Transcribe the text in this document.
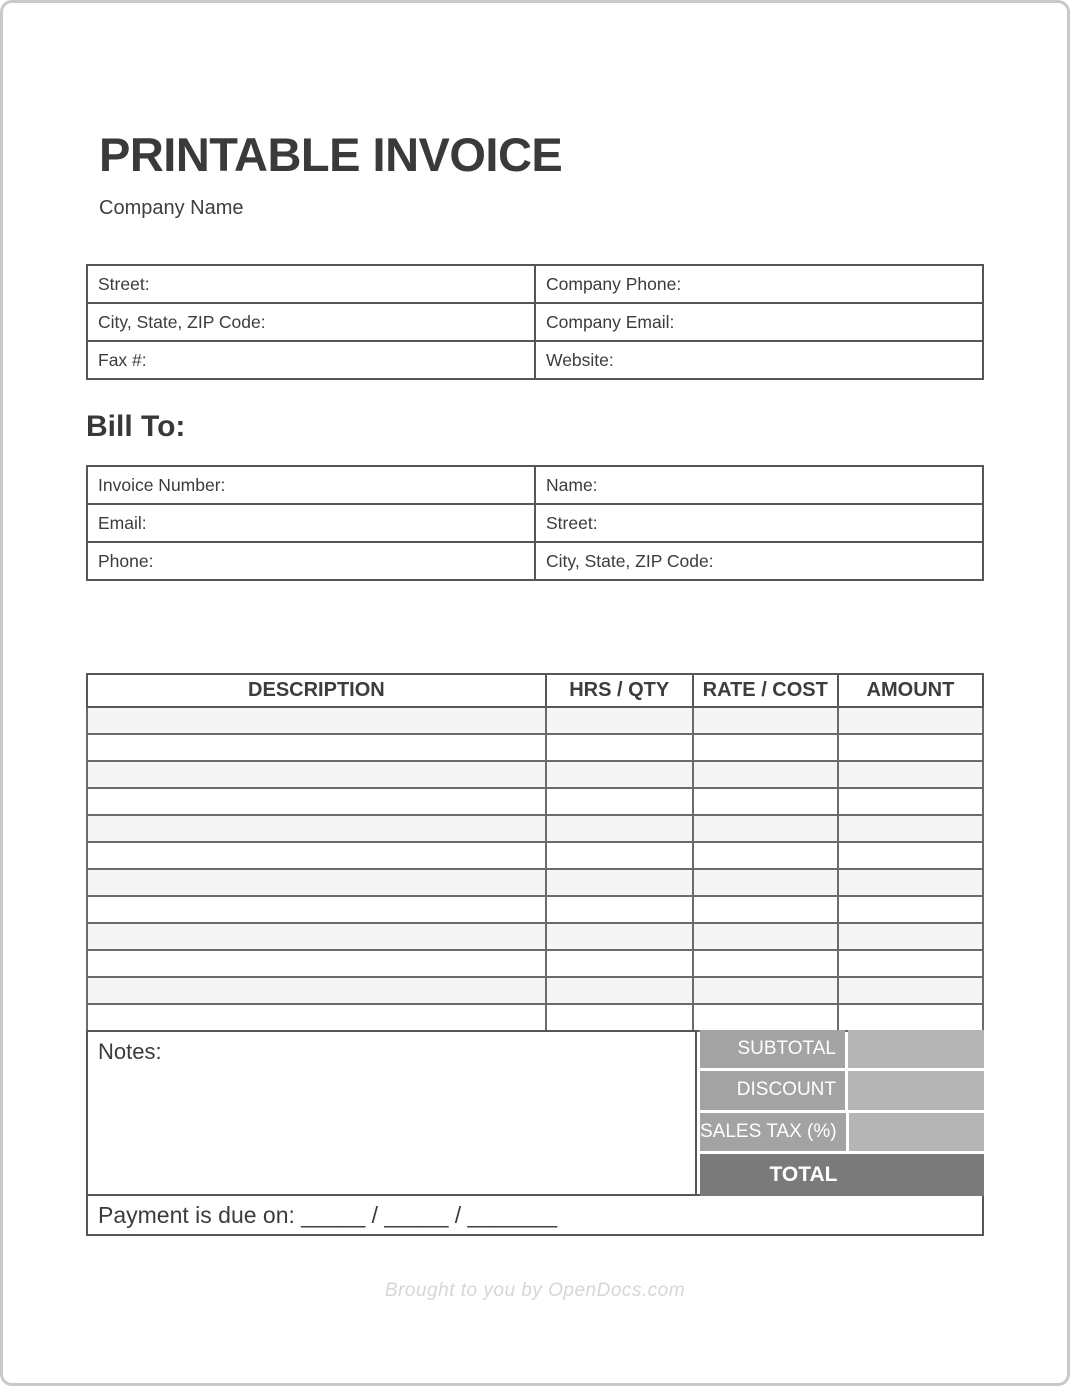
PRINTABLE INVOICE
Company Name
Street:	Company Phone:
City, State, ZIP Code:	Company Email:
Fax #:	Website:
Bill To:
Invoice Number:	Name:
Email:	Street:
Phone:	City, State, ZIP Code:
DESCRIPTION	HRS / QTY	RATE / COST	AMOUNT

Notes:	SUBTOTAL
DISCOUNT
SALES TAX (%)
TOTAL
Payment is due on: _____ / _____ / _______
Brought to you by OpenDocs.com
